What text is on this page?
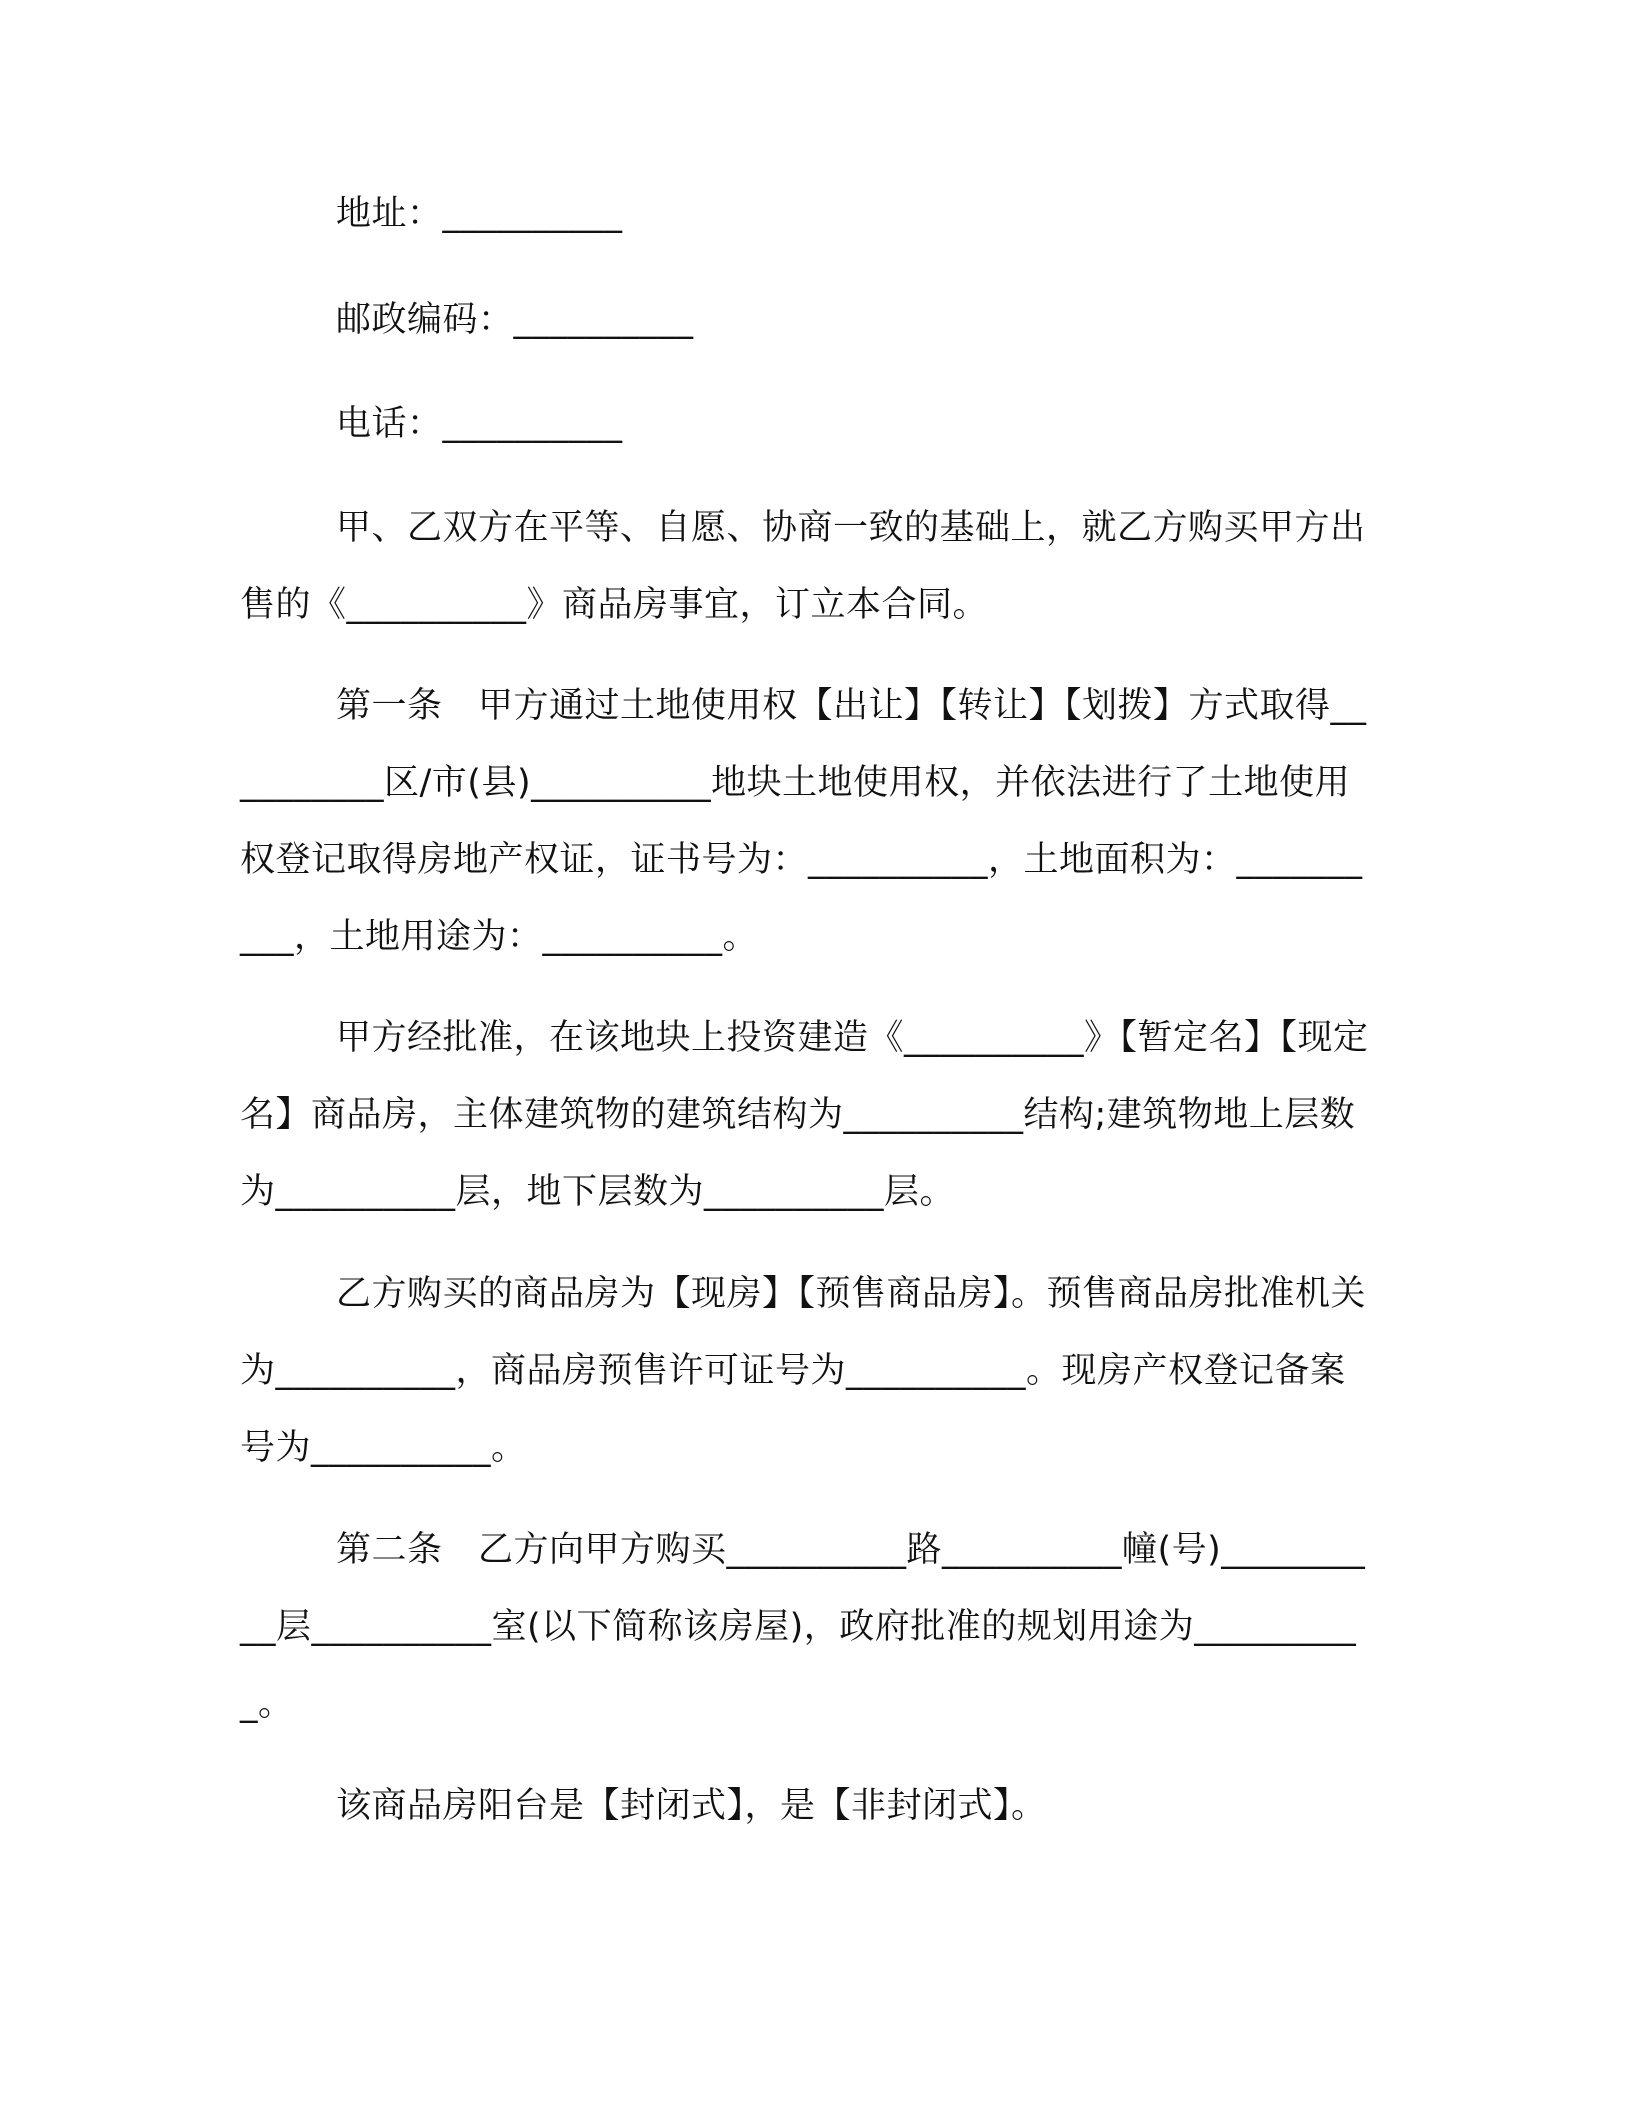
地址：__________

邮政编码：__________

电话：__________

甲、乙双方在平等、自愿、协商一致的基础上，就乙方购买甲方出售的《__________》商品房事宜，订立本合同。

第一条　甲方通过土地使用权【出让】【转让】【划拨】方式取得__________区/市(县)__________地块土地使用权，并依法进行了土地使用权登记取得房地产权证，证书号为：__________，土地面积为：__________，土地用途为：__________。

甲方经批准，在该地块上投资建造《__________》【暂定名】【现定名】商品房，主体建筑物的建筑结构为__________结构;建筑物地上层数为__________层，地下层数为__________层。

乙方购买的商品房为【现房】【预售商品房】。预售商品房批准机关为__________，商品房预售许可证号为__________。现房产权登记备案号为__________。

第二条　乙方向甲方购买__________路__________幢(号)__________层__________室(以下简称该房屋)，政府批准的规划用途为__________。

该商品房阳台是【封闭式】，是【非封闭式】。
